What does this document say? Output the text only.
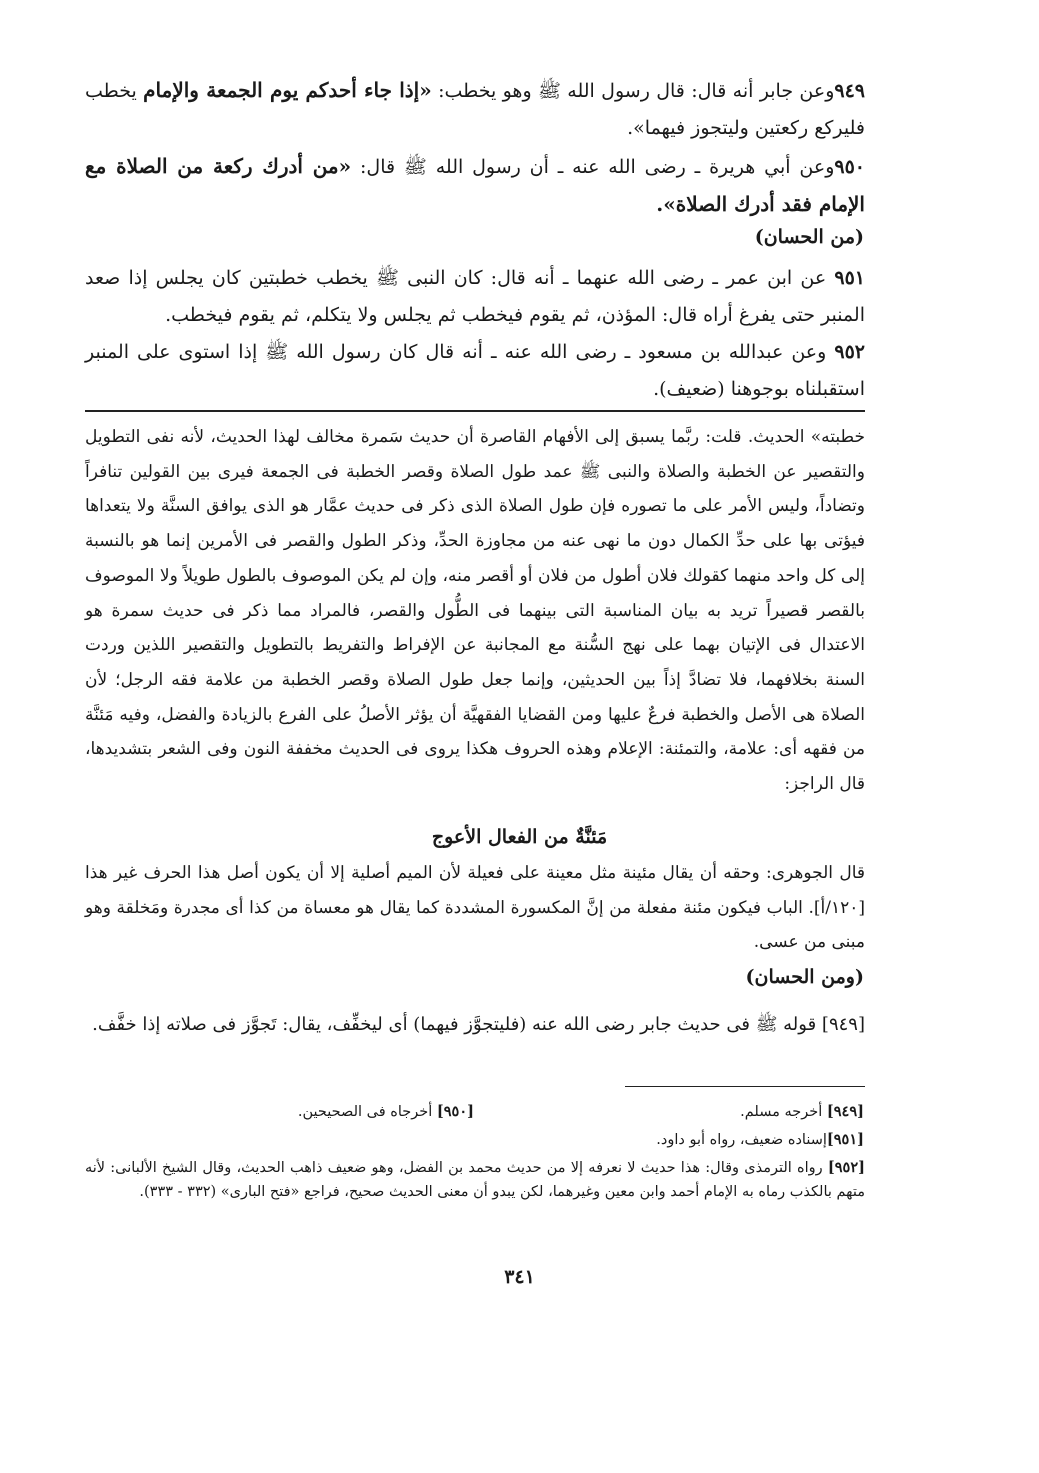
٩٤٩وعن جابر أنه قال: قال رسول الله ﷺ وهو يخطب: «إذا جاء أحدكم يوم الجمعة والإمام يخطب فليركع ركعتين وليتجوز فيهما».
٩٥٠وعن أبي هريرة ـ رضى الله عنه ـ أن رسول الله ﷺ قال: «من أدرك ركعة من الصلاة مع الإمام فقد أدرك الصلاة».
(من الحسان)
٩٥١ عن ابن عمر ـ رضى الله عنهما ـ أنه قال: كان النبى ﷺ يخطب خطبتين كان يجلس إذا صعد المنبر حتى يفرغ أراه قال: المؤذن، ثم يقوم فيخطب ثم يجلس ولا يتكلم، ثم يقوم فيخطب.
٩٥٢ وعن عبدالله بن مسعود ـ رضى الله عنه ـ أنه قال كان رسول الله ﷺ إذا استوى على المنبر استقبلناه بوجوهنا (ضعيف).
خطبته» الحديث. قلت: ربَّما يسبق إلى الأفهام القاصرة أن حديث سَمرة مخالف لهذا الحديث، لأنه نفى التطويل والتقصير عن الخطبة والصلاة والنبى ﷺ عمد طول الصلاة وقصر الخطبة فى الجمعة فيرى بين القولين تنافراً وتضاداً، وليس الأمر على ما تصوره فإن طول الصلاة الذى ذكر فى حديث عمَّار هو الذى يوافق السنَّة ولا يتعداها فيؤتى بها على حدِّ الكمال دون ما نهى عنه من مجاوزة الحدِّ، وذكر الطول والقصر فى الأمرين إنما هو بالنسبة إلى كل واحد منهما كقولك فلان أطول من فلان أو أقصر منه، وإن لم يكن الموصوف بالطول طويلاً ولا الموصوف بالقصر قصيراً تريد به بيان المناسبة التى بينهما فى الطُّول والقصر، فالمراد مما ذكر فى حديث سمرة هو الاعتدال فى الإتيان بهما على نهج السُّنة مع المجانبة عن الإفراط والتفريط بالتطويل والتقصير اللذين وردت السنة بخلافهما، فلا تضادَّ إذاً بين الحديثين، وإنما جعل طول الصلاة وقصر الخطبة من علامة فقه الرجل؛ لأن الصلاة هى الأصل والخطبة فرعٌ عليها ومن القضايا الفقهيَّة أن يؤثر الأصلُ على الفرع بالزيادة والفضل، وفيه مَئنَّة من فقهه أى: علامة، والتمئنة: الإعلام وهذه الحروف هكذا يروى فى الحديث مخففة النون وفى الشعر بتشديدها، قال الراجز:
مَئنَّةٌ من الفعال الأعوج
قال الجوهرى: وحقه أن يقال مئينة مثل معينة على فعيلة لأن الميم أصلية إلا أن يكون أصل هذا الحرف غير هذا [١٢٠/أ]. الباب فيكون مئنة مفعلة من إنَّ المكسورة المشددة كما يقال هو معساة من كذا أى مجدرة ومَخلقة وهو مبنى من عسى.
(ومن الحسان)
[٩٤٩] قوله ﷺ فى حديث جابر رضى الله عنه (فليتجوَّز فيهما) أى ليخفِّف، يقال: تَجوَّز فى صلاته إذا خفَّف.
[٩٤٩] أخرجه مسلم.
[٩٥٠] أخرجاه فى الصحيحين.
[٩٥١]إسناده ضعيف، رواه أبو داود.
[٩٥٢] رواه الترمذى وقال: هذا حديث لا نعرفه إلا من حديث محمد بن الفضل، وهو ضعيف ذاهب الحديث، وقال الشيخ الألبانى: لأنه متهم بالكذب رماه به الإمام أحمد وابن معين وغيرهما، لكن يبدو أن معنى الحديث صحيح، فراجع «فتح البارى» (٣٣٢ - ٣٣٣).
٣٤١
